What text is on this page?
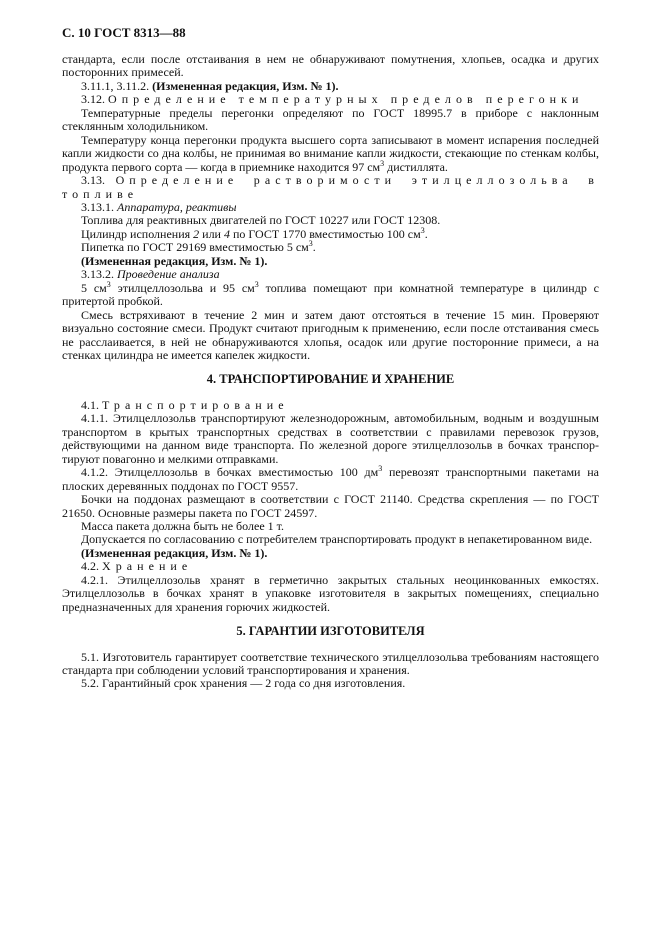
С. 10 ГОСТ 8313—88

стандарта, если после отстаивания в нем не обнаруживают помутнения, хлопьев, осадка и других посторонних примесей.

3.11.1, 3.11.2. (Измененная редакция, Изм. № 1).

3.12. Определение температурных пределов перегонки

Температурные пределы перегонки определяют по ГОСТ 18995.7 в приборе с наклонным стеклянным холодильником.

Температуру конца перегонки продукта высшего сорта записывают в момент испарения последней капли жидкости со дна колбы, не принимая во внимание капли жидкости, стекающие по стенкам колбы, продукта первого сорта — когда в приемнике находится 97 $см^3$ дистиллята.

3.13. Определение растворимости этилцеллозольва в топливе

3.13.1. Аппаратура, реактивы

Топлива для реактивных двигателей по ГОСТ 10227 или ГОСТ 12308.

Цилиндр исполнения 2 или 4 по ГОСТ 1770 вместимостью 100 $см^3$.

Пипетка по ГОСТ 29169 вместимостью 5 $см^3$.

(Измененная редакция, Изм. № 1).

3.13.2. Проведение анализа

5 $см^3$ этилцеллозольва и 95 $см^3$ топлива помещают при комнатной температуре в цилиндр с притертой пробкой.

Смесь встряхивают в течение 2 мин и затем дают отстояться в течение 15 мин. Проверяют визуально состояние смеси. Продукт считают пригодным к применению, если после отстаивания смесь не расслаивается, в ней не обнаруживаются хлопья, осадок или другие посторонние примеси, а на стенках цилиндра не имеется капелек жидкости.

4. ТРАНСПОРТИРОВАНИЕ И ХРАНЕНИЕ

4.1. Транспортирование

4.1.1. Этилцеллозольв транспортируют железнодорожным, автомобильным, водным и воздушным транспортом в крытых транспортных средствах в соответствии с правилами перевозок грузов, действующими на данном виде транспорта. По железной дороге этилцеллозольв в бочках транспортируют повагонно и мелкими отправками.

4.1.2. Этилцеллозольв в бочках вместимостью 100 $дм^3$ перевозят транспортными пакетами на плоских деревянных поддонах по ГОСТ 9557.

Бочки на поддонах размещают в соответствии с ГОСТ 21140. Средства скрепления — по ГОСТ 21650. Основные размеры пакета по ГОСТ 24597.

Масса пакета должна быть не более 1 т.

Допускается по согласованию с потребителем транспортировать продукт в непакетированном виде.

(Измененная редакция, Изм. № 1).

4.2. Хранение

4.2.1. Этилцеллозольв хранят в герметично закрытых стальных неоцинкованных емкостях. Этилцеллозольв в бочках хранят в упаковке изготовителя в закрытых помещениях, специально предназначенных для хранения горючих жидкостей.

5. ГАРАНТИИ ИЗГОТОВИТЕЛЯ

5.1. Изготовитель гарантирует соответствие технического этилцеллозольва требованиям настоящего стандарта при соблюдении условий транспортирования и хранения.

5.2. Гарантийный срок хранения — 2 года со дня изготовления.
